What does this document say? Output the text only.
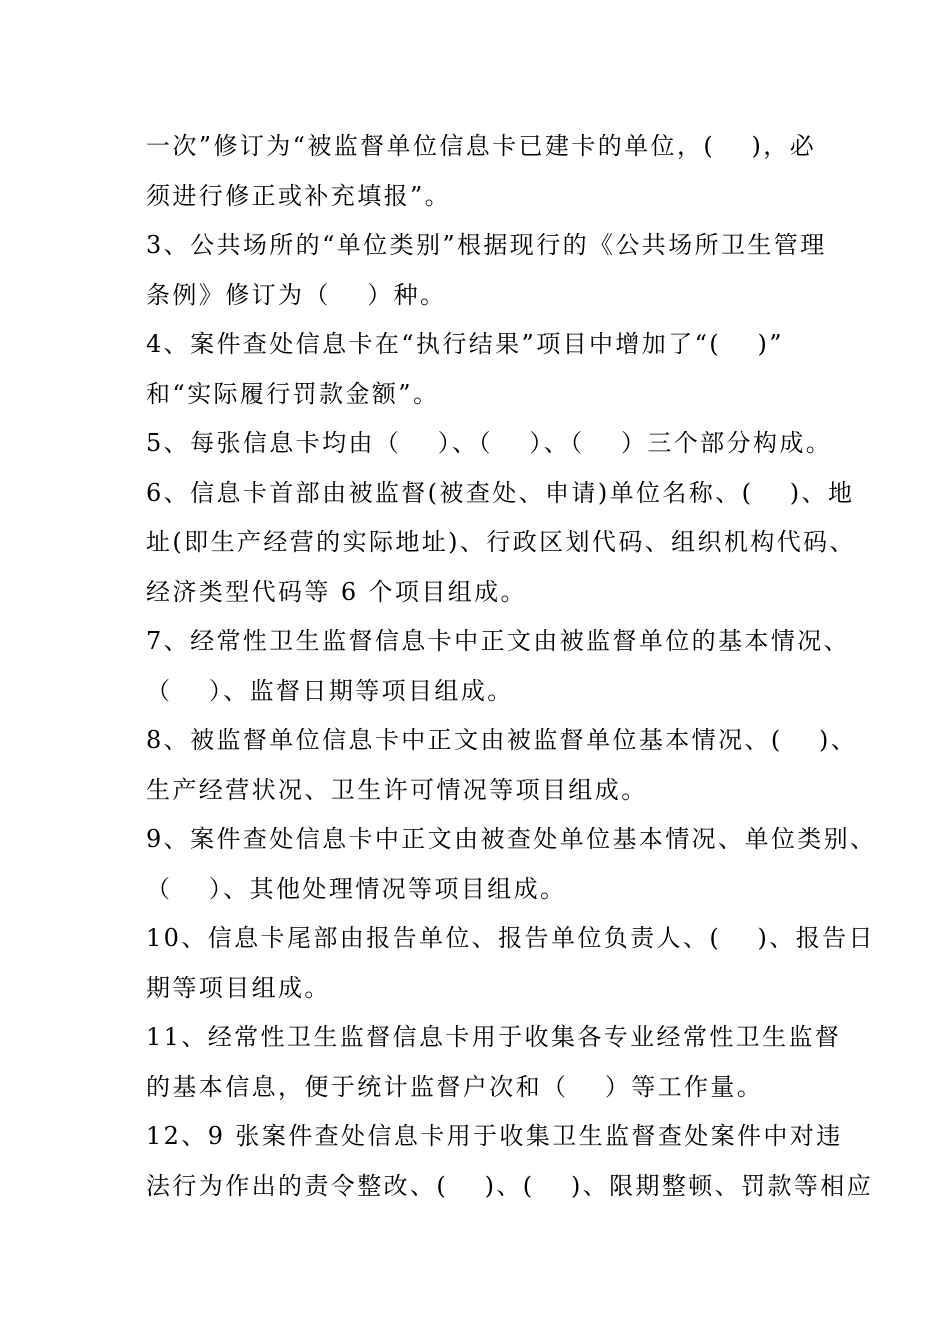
一次”修订为“被监督单位信息卡已建卡的单位，(　 )，必
须进行修正或补充填报”。
3、公共场所的“单位类别”根据现行的《公共场所卫生管理
条例》修订为（　 ）种。
4、案件查处信息卡在“执行结果”项目中增加了“(　 )”
和“实际履行罚款金额”。
5、每张信息卡均由（　 ）、（　 ）、（　 ）三个部分构成。
6、信息卡首部由被监督(被查处、申请)单位名称、(　 )、地
址(即生产经营的实际地址)、行政区划代码、组织机构代码、
经济类型代码等 6 个项目组成。
7、经常性卫生监督信息卡中正文由被监督单位的基本情况、
（　 ）、监督日期等项目组成。
8、被监督单位信息卡中正文由被监督单位基本情况、(　 )、
生产经营状况、卫生许可情况等项目组成。
9、案件查处信息卡中正文由被查处单位基本情况、单位类别、
（　 ）、其他处理情况等项目组成。
10、信息卡尾部由报告单位、报告单位负责人、(　 )、报告日
期等项目组成。
11、经常性卫生监督信息卡用于收集各专业经常性卫生监督
的基本信息，便于统计监督户次和（　 ）等工作量。
12、9 张案件查处信息卡用于收集卫生监督查处案件中对违
法行为作出的责令整改、(　 )、(　 )、限期整顿、罚款等相应
